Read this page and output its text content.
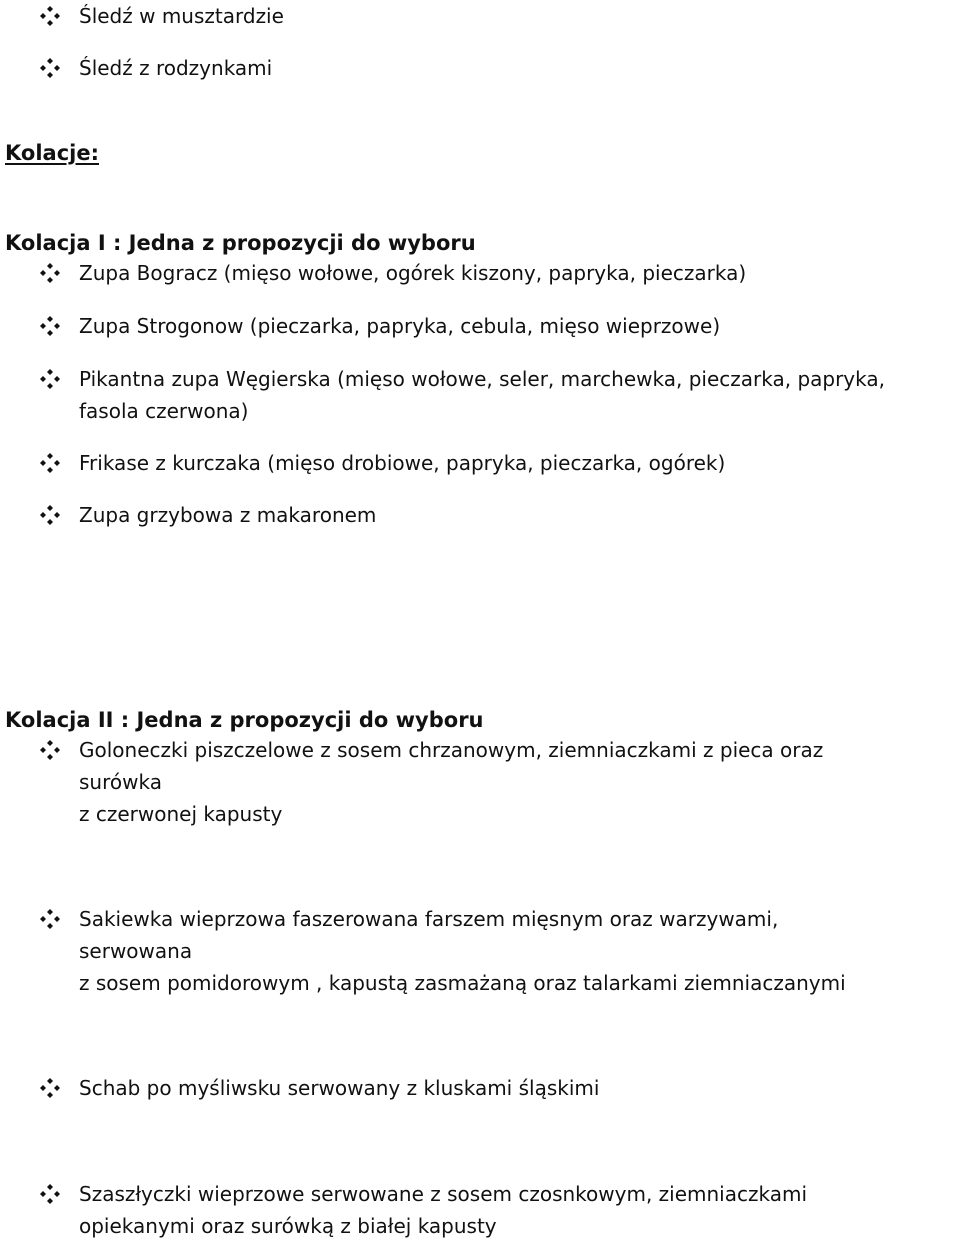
Kolacje:
Kolacja I : Jedna z propozycji do wyboru
Kolacja II : Jedna z propozycji do wyboru
Śledź w musztardzie
Śledź z rodzynkami
Zupa Bogracz (mięso wołowe, ogórek kiszony, papryka, pieczarka)
Zupa Strogonow (pieczarka, papryka, cebula, mięso wieprzowe)
Pikantna zupa Węgierska (mięso wołowe, seler, marchewka, pieczarka, papryka,
fasola czerwona)
Frikase z kurczaka (mięso drobiowe, papryka, pieczarka, ogórek)
Zupa grzybowa z makaronem
Goloneczki piszczelowe z sosem chrzanowym, ziemniaczkami z pieca oraz
surówka
z czerwonej kapusty
Sakiewka wieprzowa faszerowana farszem mięsnym oraz warzywami,
serwowana
z sosem pomidorowym , kapustą zasmażaną oraz talarkami ziemniaczanymi
Schab po myśliwsku serwowany z kluskami śląskimi
Szaszłyczki wieprzowe serwowane z sosem czosnkowym, ziemniaczkami
opiekanymi oraz surówką z białej kapusty
